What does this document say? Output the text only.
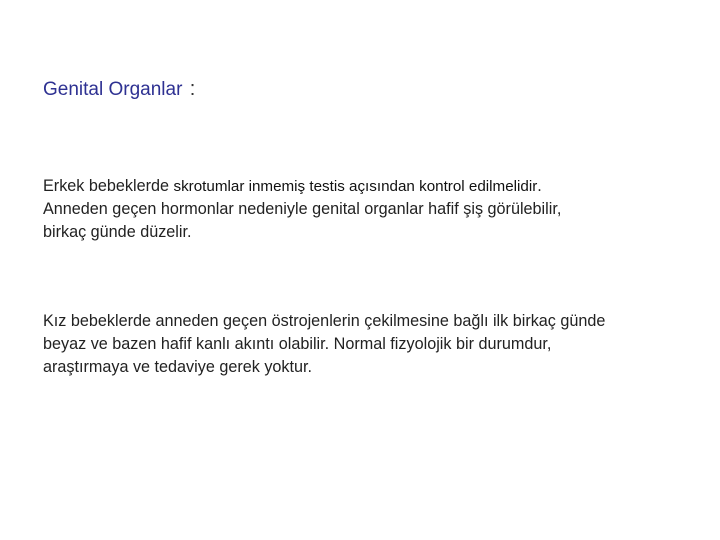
Genital Organlar :
Erkek bebeklerde skrotumlar inmemiş testis açısından kontrol edilmelidir.
Anneden geçen hormonlar nedeniyle genital organlar hafif şiş görülebilir,
birkaç günde düzelir.
Kız bebeklerde anneden geçen östrojenlerin çekilmesine bağlı ilk birkaç günde
beyaz ve bazen hafif kanlı akıntı olabilir. Normal fizyolojik bir durumdur,
araştırmaya ve tedaviye gerek yoktur.
